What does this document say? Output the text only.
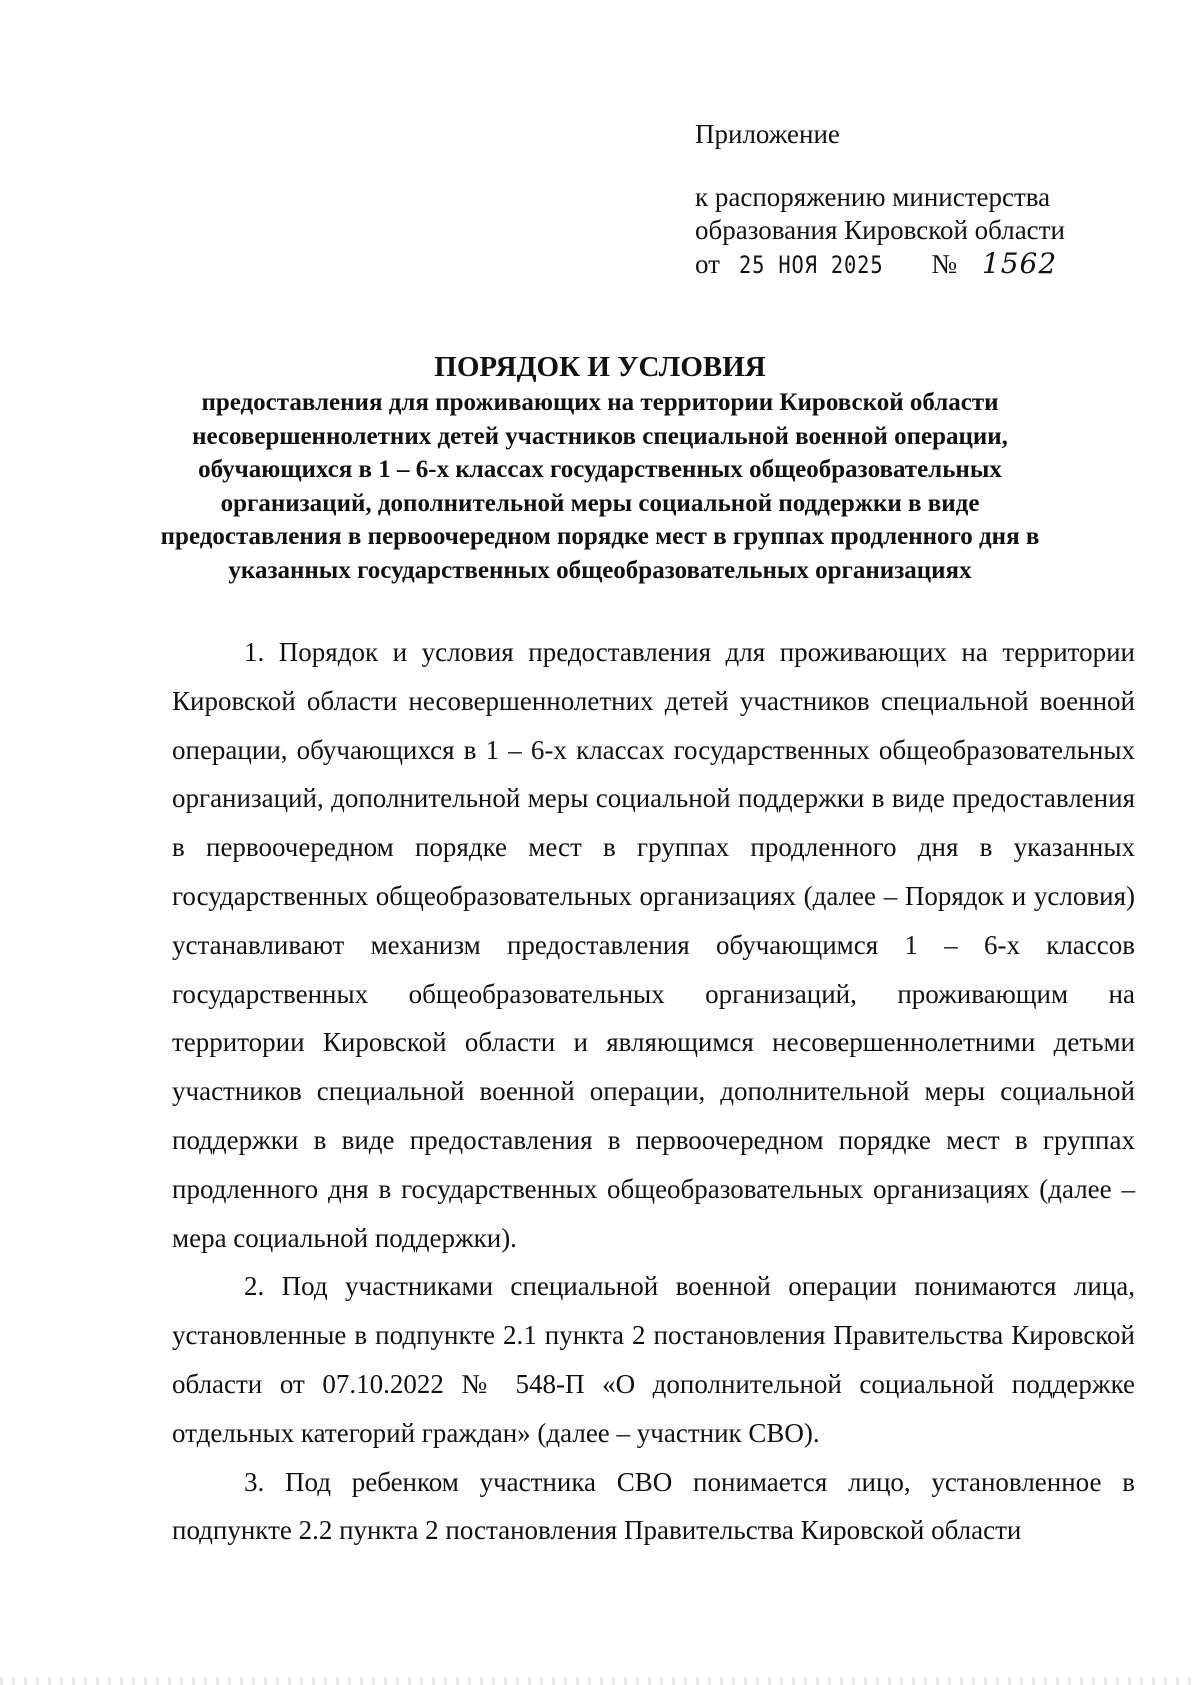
Приложение
к распоряжению министерства
образования Кировской области
от 25 НОЯ 2025 № 1562
ПОРЯДОК И УСЛОВИЯ
предоставления для проживающих на территории Кировской области несовершеннолетних детей участников специальной военной операции, обучающихся в 1 – 6-х классах государственных общеобразовательных организаций, дополнительной меры социальной поддержки в виде предоставления в первоочередном порядке мест в группах продленного дня в указанных государственных общеобразовательных организациях

1. Порядок и условия предоставления для проживающих на территории Кировской области несовершеннолетних детей участников специальной военной операции, обучающихся в 1 – 6-х классах государственных общеобразовательных организаций, дополнительной меры социальной поддержки в виде предоставления в первоочередном порядке мест в группах продленного дня в указанных государственных общеобразовательных организациях (далее – Порядок и условия) устанавливают механизм предоставления обучающимся 1 – 6-х классов государственных общеобразовательных организаций, проживающим на территории Кировской области и являющимся несовершеннолетними детьми участников специальной военной операции, дополнительной меры социальной поддержки в виде предоставления в первоочередном порядке мест в группах продленного дня в государственных общеобразовательных организациях (далее – мера социальной поддержки).

2. Под участниками специальной военной операции понимаются лица, установленные в подпункте 2.1 пункта 2 постановления Правительства Кировской области от 07.10.2022 № 548-П «О дополнительной социальной поддержке отдельных категорий граждан» (далее – участник СВО).

3. Под ребенком участника СВО понимается лицо, установленное в подпункте 2.2 пункта 2 постановления Правительства Кировской области
